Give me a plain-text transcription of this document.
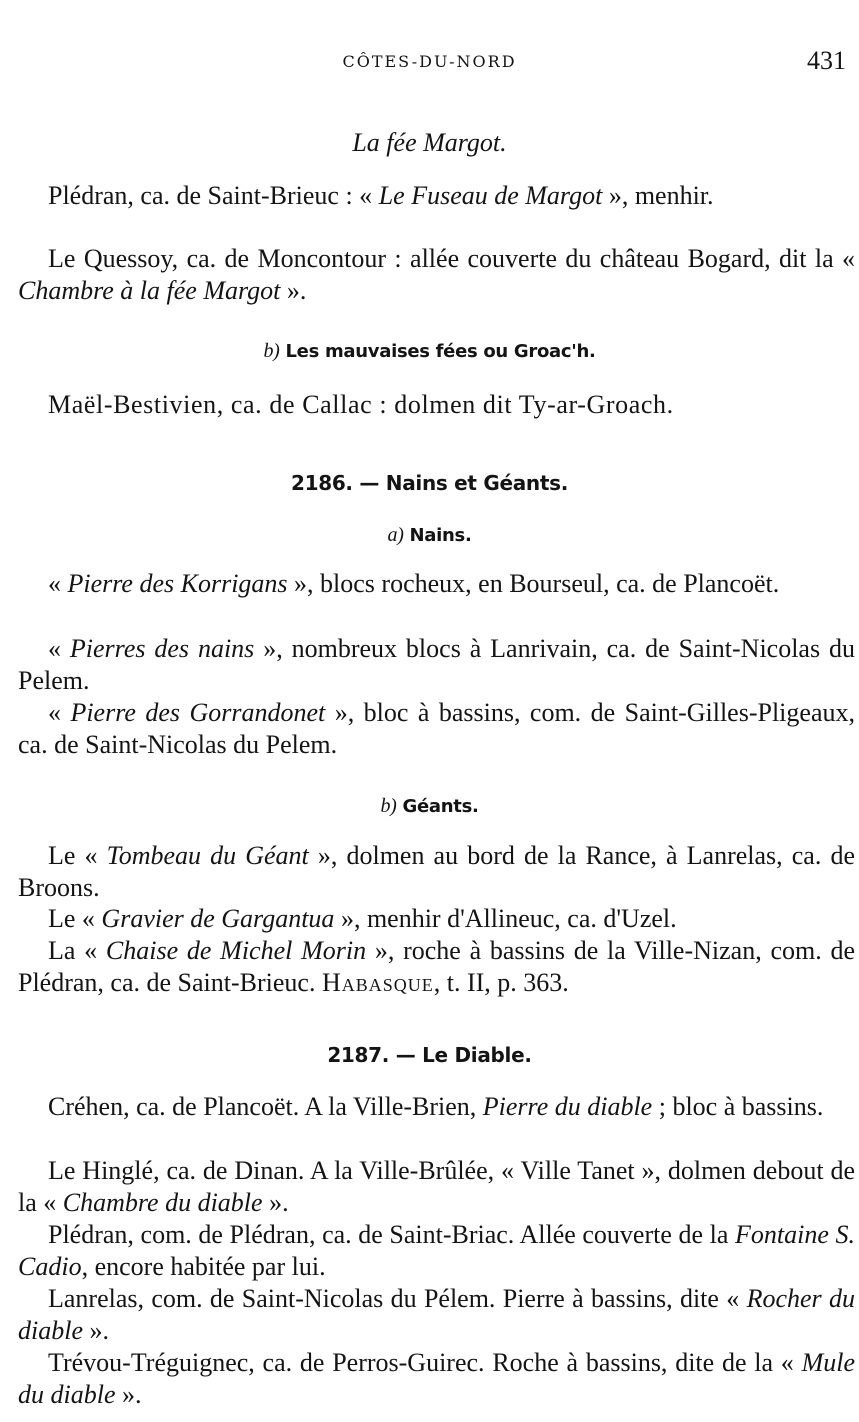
CÔTES-DU-NORD	431
La fée Margot.
Plédran, ca. de Saint-Brieuc : « Le Fuseau de Margot », menhir.
Le Quessoy, ca. de Moncontour : allée couverte du château Bogard, dit la « Chambre à la fée Margot ».
b) Les mauvaises fées ou Groac'h.
Maël-Bestivien, ca. de Callac : dolmen dit Ty-ar-Groach.
2186. — Nains et Géants.
a) Nains.
« Pierre des Korrigans », blocs rocheux, en Bourseul, ca. de Plancoët.
« Pierres des nains », nombreux blocs à Lanrivain, ca. de Saint-Nicolas du Pelem.
« Pierre des Gorrandonet », bloc à bassins, com. de Saint-Gilles-Pligeaux, ca. de Saint-Nicolas du Pelem.
b) Géants.
Le « Tombeau du Géant », dolmen au bord de la Rance, à Lanrelas, ca. de Broons.
Le « Gravier de Gargantua », menhir d'Allineuc, ca. d'Uzel.
La « Chaise de Michel Morin », roche à bassins de la Ville-Nizan, com. de Plédran, ca. de Saint-Brieuc. Habasque, t. II, p. 363.
2187. — Le Diable.
Créhen, ca. de Plancoët. A la Ville-Brien, Pierre du diable ; bloc à bassins.
Le Hinglé, ca. de Dinan. A la Ville-Brûlée, « Ville Tanet », dolmen debout de la « Chambre du diable ».
Plédran, com. de Plédran, ca. de Saint-Briac. Allée couverte de la Fontaine S. Cadio, encore habitée par lui.
Lanrelas, com. de Saint-Nicolas du Pélem. Pierre à bassins, dite « Rocher du diable ».
Trévou-Tréguignec, ca. de Perros-Guirec. Roche à bassins, dite de la « Mule du diable ».
